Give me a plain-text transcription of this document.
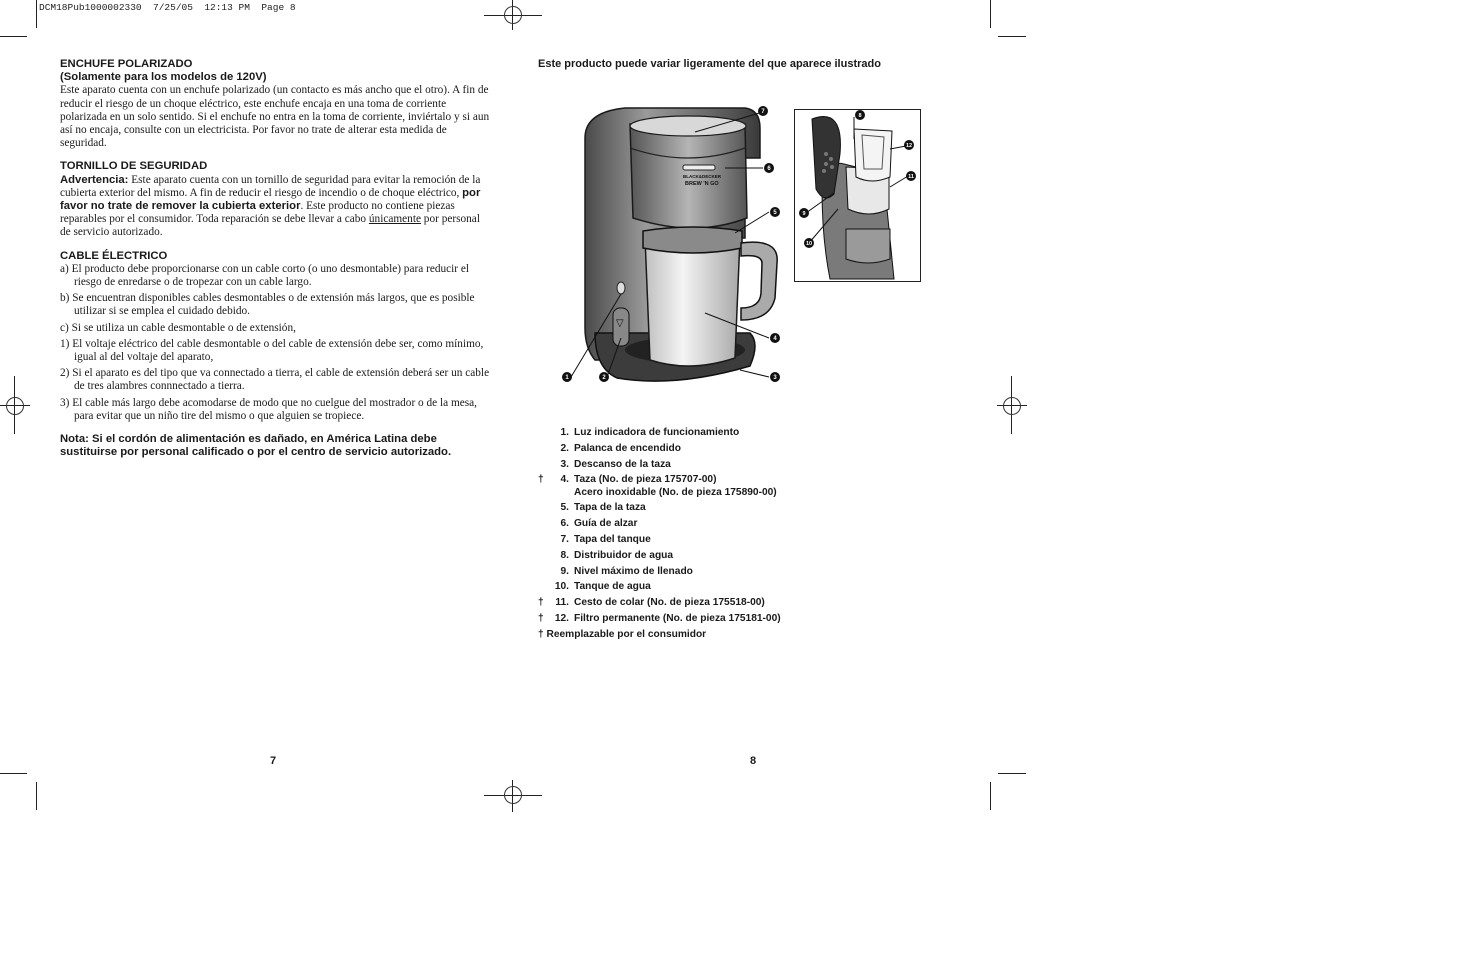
DCM18Pub1000002330  7/25/05  12:13 PM  Page 8
ENCHUFE POLARIZADO
(Solamente para los modelos de 120V)

Este aparato cuenta con un enchufe polarizado (un contacto es más ancho que el otro). A fin de reducir el riesgo de un choque eléctrico, este enchufe encaja en una toma de corriente polarizada en un solo sentido. Si el enchufe no entra en la toma de corriente, inviértalo y si aun así no encaja, consulte con un electricista. Por favor no trate de alterar esta medida de seguridad.

TORNILLO DE SEGURIDAD

Advertencia: Este aparato cuenta con un tornillo de seguridad para evitar la remoción de la cubierta exterior del mismo. A fin de reducir el riesgo de incendio o de choque eléctrico, por favor no trate de remover la cubierta exterior. Este producto no contiene piezas reparables por el consumidor. Toda reparación se debe llevar a cabo únicamente por personal de servicio autorizado.

CABLE ÉLECTRICO

a) El producto debe proporcionarse con un cable corto (o uno desmontable) para reducir el riesgo de enredarse o de tropezar con un cable largo.

b) Se encuentran disponibles cables desmontables o de extensión más largos, que es posible utilizar si se emplea el cuidado debido.

c) Si se utiliza un cable desmontable o de extensión,

1) El voltaje eléctrico del cable desmontable o del cable de extensión debe ser, como mínimo, igual al del voltaje del aparato,

2) Si el aparato es del tipo que va connectado a tierra, el cable de extensión deberá ser un cable de tres alambres connnectado a tierra.

3) El cable más largo debe acomodarse de modo que no cuelgue del mostrador o de la mesa, para evitar que un niño tire del mismo o que alguien se tropiece.

Nota: Si el cordón de alimentación es dañado, en América Latina debe sustituirse por personal calificado o por el centro de servicio autorizado.
7
Este producto puede variar ligeramente del que aparece ilustrado
BLACK&DECKER
BREW 'N GO
▽
1	2	3
4
5
6
7
8
9
10
11
12
1. Luz indicadora de funcionamiento
2. Palanca de encendido
3. Descanso de la taza
†	4. Taza (No. de pieza 175707-00)
Acero inoxidable (No. de pieza 175890-00)
5. Tapa de la taza
6. Guía de alzar
7. Tapa del tanque
8. Distribuidor de agua
9. Nivel máximo de llenado
10. Tanque de agua
†	11. Cesto de colar (No. de pieza 175518-00)
†	12. Filtro permanente (No. de pieza 175181-00)
† Reemplazable por el consumidor
8
